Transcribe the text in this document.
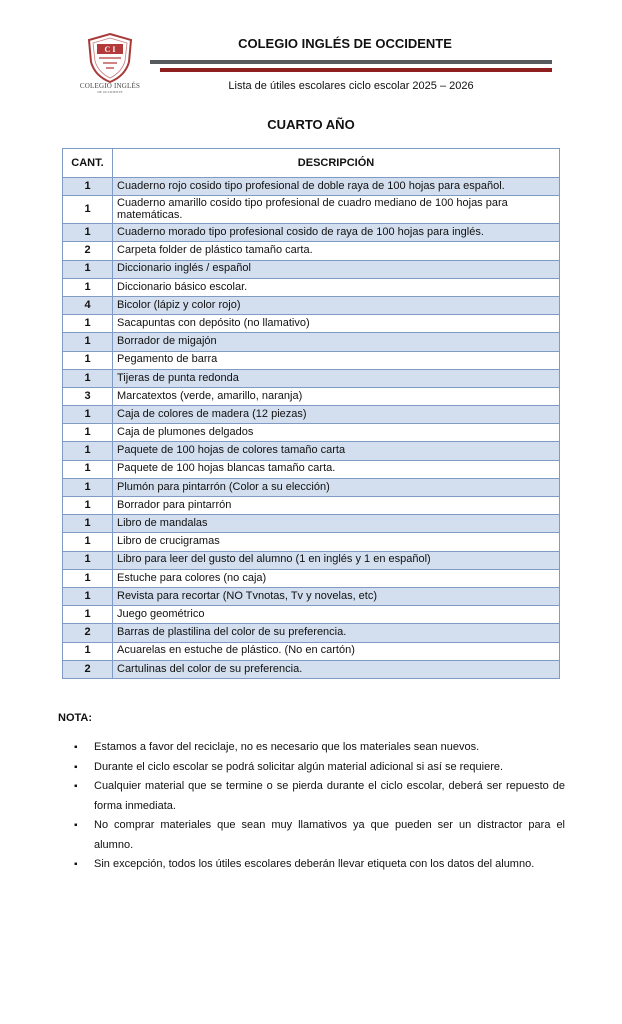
C I
COLEGIO INGLÉS
DE OCCIDENTE
COLEGIO INGLÉS DE OCCIDENTE
Lista de útiles escolares ciclo escolar 2025 – 2026
CUARTO AÑO
CANT.	DESCRIPCIÓN
1	Cuaderno rojo cosido tipo profesional de doble raya de 100 hojas para español.
1	Cuaderno amarillo cosido tipo profesional de cuadro mediano de 100 hojas para matemáticas.
1	Cuaderno morado tipo profesional cosido de raya de 100 hojas para inglés.
2	Carpeta folder de plástico tamaño carta.
1	Diccionario inglés / español
1	Diccionario básico escolar.
4	Bicolor (lápiz y color rojo)
1	Sacapuntas con depósito (no llamativo)
1	Borrador de migajón
1	Pegamento de barra
1	Tijeras de punta redonda
3	Marcatextos (verde, amarillo, naranja)
1	Caja de colores de madera (12 piezas)
1	Caja de plumones delgados
1	Paquete de 100 hojas de colores tamaño carta
1	Paquete de 100 hojas blancas tamaño carta.
1	Plumón para pintarrón (Color a su elección)
1	Borrador para pintarrón
1	Libro de mandalas
1	Libro de crucigramas
1	Libro para leer del gusto del alumno (1 en inglés y 1 en español)
1	Estuche para colores (no caja)
1	Revista para recortar (NO Tvnotas, Tv y novelas, etc)
1	Juego geométrico
2	Barras de plastilina del color de su preferencia.
1	Acuarelas en estuche de plástico. (No en cartón)
2	Cartulinas del color de su preferencia.
NOTA:
▪ Estamos a favor del reciclaje, no es necesario que los materiales sean nuevos.
▪ Durante el ciclo escolar se podrá solicitar algún material adicional si así se requiere.
▪ Cualquier material que se termine o se pierda durante el ciclo escolar, deberá ser repuesto de forma inmediata.
▪ No comprar materiales que sean muy llamativos ya que pueden ser un distractor para el alumno.
▪ Sin excepción, todos los útiles escolares deberán llevar etiqueta con los datos del alumno.
